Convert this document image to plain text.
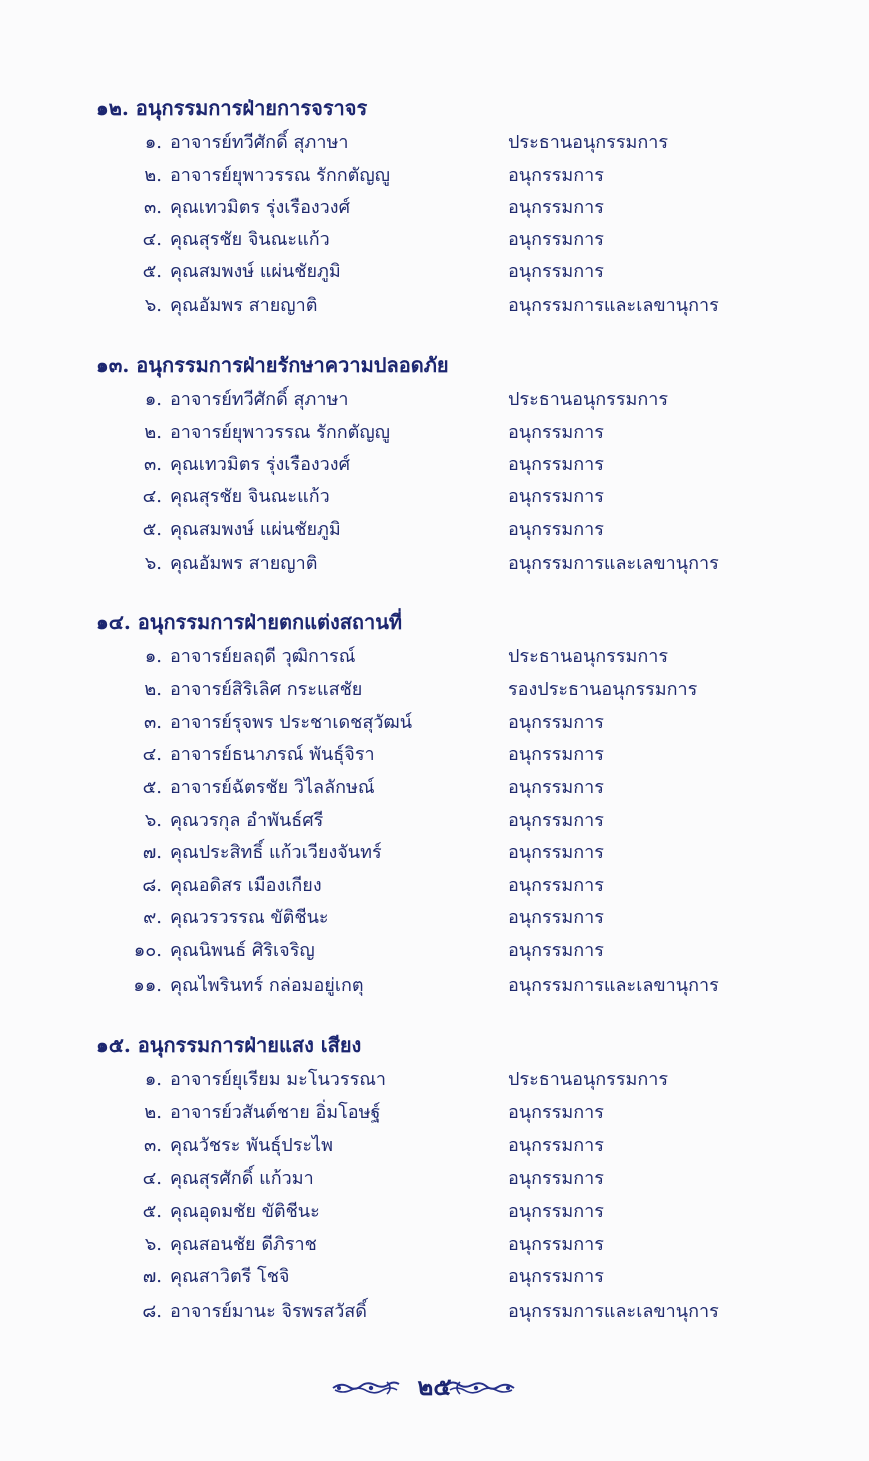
๑๒. อนุกรรมการฝ่ายการจราจร
๑. อาจารย์ทวีศักดิ์ สุภาษา	ประธานอนุกรรมการ
๒. อาจารย์ยุพาวรรณ รักกตัญญู	อนุกรรมการ
๓. คุณเทวมิตร รุ่งเรืองวงศ์	อนุกรรมการ
๔. คุณสุรชัย จินณะแก้ว	อนุกรรมการ
๕. คุณสมพงษ์ แผ่นชัยภูมิ	อนุกรรมการ
๖. คุณอัมพร สายญาติ	อนุกรรมการและเลขานุการ
๑๓. อนุกรรมการฝ่ายรักษาความปลอดภัย
๑. อาจารย์ทวีศักดิ์ สุภาษา	ประธานอนุกรรมการ
๒. อาจารย์ยุพาวรรณ รักกตัญญู	อนุกรรมการ
๓. คุณเทวมิตร รุ่งเรืองวงศ์	อนุกรรมการ
๔. คุณสุรชัย จินณะแก้ว	อนุกรรมการ
๕. คุณสมพงษ์ แผ่นชัยภูมิ	อนุกรรมการ
๖. คุณอัมพร สายญาติ	อนุกรรมการและเลขานุการ
๑๔. อนุกรรมการฝ่ายตกแต่งสถานที่
๑. อาจารย์ยลฤดี วุฒิการณ์	ประธานอนุกรรมการ
๒. อาจารย์สิริเลิศ กระแสชัย	รองประธานอนุกรรมการ
๓. อาจารย์รุจพร ประชาเดชสุวัฒน์	อนุกรรมการ
๔. อาจารย์ธนาภรณ์ พันธุ์จิรา	อนุกรรมการ
๕. อาจารย์ฉัตรชัย วิไลลักษณ์	อนุกรรมการ
๖. คุณวรกุล อำพันธ์ศรี	อนุกรรมการ
๗. คุณประสิทธิ์ แก้วเวียงจันทร์	อนุกรรมการ
๘. คุณอดิสร เมืองเกียง	อนุกรรมการ
๙. คุณวรวรรณ ขัติชีนะ	อนุกรรมการ
๑๐. คุณนิพนธ์ ศิริเจริญ	อนุกรรมการ
๑๑. คุณไพรินทร์ กล่อมอยู่เกตุ	อนุกรรมการและเลขานุการ
๑๕. อนุกรรมการฝ่ายแสง เสียง
๑. อาจารย์ยุเรียม มะโนวรรณา	ประธานอนุกรรมการ
๒. อาจารย์วสันต์ชาย อิ่มโอษฐ์	อนุกรรมการ
๓. คุณวัชระ พันธุ์ประไพ	อนุกรรมการ
๔. คุณสุรศักดิ์ แก้วมา	อนุกรรมการ
๕. คุณอุดมชัย ขัติชีนะ	อนุกรรมการ
๖. คุณสอนชัย ดีภิราช	อนุกรรมการ
๗. คุณสาวิตรี โชจิ	อนุกรรมการ
๘. อาจารย์มานะ จิรพรสวัสดิ์	อนุกรรมการและเลขานุการ
๒๕
